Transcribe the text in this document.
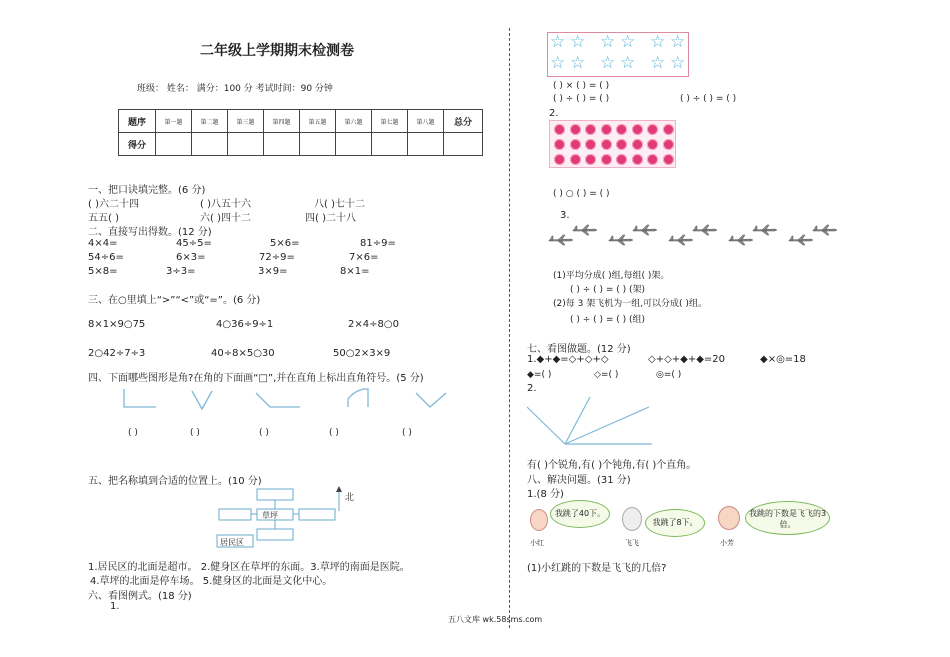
二年级上学期期末检测卷
班级： 姓名： 满分：100 分 考试时间：90 分钟
题序	第一题	第二题	第三题	第四题	第五题	第六题	第七题	第八题	总分
得分									
一、把口诀填完整。(6 分)
( )六二十四	( )八五十六	八( )七十二
五五( )	六( )四十二	四( )二十八
二、直接写出得数。(12 分)
4×4=	45÷5=	5×6=	81÷9=
54÷6=	6×3=	72÷9=	7×6=
5×8=	3÷3=	3×9=	8×1=
三、在○里填上“>”“<”或“=”。(6 分)
8×1×9○75	4○36÷9÷1	2×4÷8○0
2○42÷7÷3	40÷8×5○30	50○2×3×9
四、下面哪些图形是角?在角的下面画“□”,并在直角上标出直角符号。(5 分)
( )	( )	( )	( )	( )
五、把名称填到合适的位置上。(10 分)
北
草坪
居民区
1.居民区的北面是超市。 2.健身区在草坪的东面。3.草坪的南面是医院。
4.草坪的北面是停车场。 5.健身区的北面是文化中心。
六、看图例式。(18 分)
1.
☆ ☆ ☆ ☆ ☆ ☆
☆ ☆ ☆ ☆ ☆ ☆
( ) × ( ) = ( )
( ) ÷ ( ) = ( )	( ) ÷ ( ) = ( )
2.
( ) ○ ( ) = ( )
3.
(1)平均分成( )组,每组( )架。
( ) ÷ ( ) = ( ) (架)
(2)每 3 架飞机为一组,可以分成( )组。
( ) ÷ ( ) = ( ) (组)
七、看图做题。(12 分)
1.◆+◆=◇+◇+◇	◇+◇+◆+◆=20	◆×◎=18
◆=( )	◇=( )	◎=( )
2.
有( )个锐角,有( )个钝角,有( )个直角。
八、解决问题。(31 分)
1.(8 分)
我跳了40下。
小红
我跳了8下。
飞飞
我跳的下数是飞飞的3倍。
小芳
(1)小红跳的下数是飞飞的几倍?
五八文库 wk.58sms.com
